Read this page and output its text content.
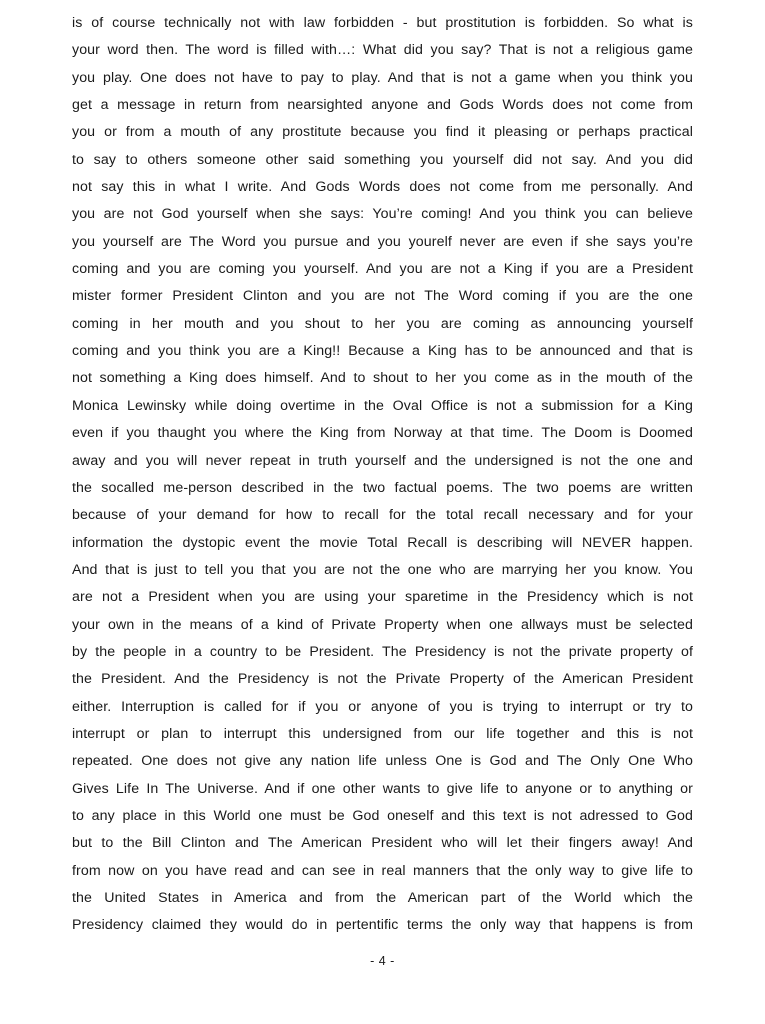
is of course technically not with law forbidden - but prostitution is forbidden. So what is
your word then. The word is filled with…: What did you say? That is not a religious game
you play. One does not have to pay to play. And that is not a game when you think you
get a message in return from nearsighted anyone and Gods Words does not come from
you or from a mouth of any prostitute because you find it pleasing or perhaps practical
to say to others someone other said something you yourself did not say. And you did
not say this in what I write. And Gods Words does not come from me personally. And
you are not God yourself when she says: You’re coming! And you think you can believe
you yourself are The Word you pursue and you yourelf never are even if she says you’re
coming and you are coming you yourself. And you are not a King if you are a President
mister former President Clinton and you are not The Word coming if you are the one
coming in her mouth and you shout to her you are coming as announcing yourself
coming and you think you are a King!! Because a King has to be announced and that is
not something a King does himself. And to shout to her you come as in the mouth of the
Monica Lewinsky while doing overtime in the Oval Office is not a submission for a King
even if you thaught you where the King from Norway at that time. The Doom is Doomed
away and you will never repeat in truth yourself and the undersigned is not the one and
the socalled me-person described in the two factual poems. The two poems are written
because of your demand for how to recall for the total recall necessary and for your
information the dystopic event the movie Total Recall is describing will NEVER happen.
And that is just to tell you that you are not the one who are marrying her you know. You
are not a President when you are using your sparetime in the Presidency which is not
your own in the means of a kind of Private Property when one allways must be selected
by the people in a country to be President. The Presidency is not the private property of
the President. And the Presidency is not the Private Property of the American President
either. Interruption is called for if you or anyone of you is trying to interrupt or try to
interrupt or plan to interrupt this undersigned from our life together and this is not
repeated. One does not give any nation life unless One is God and The Only One Who
Gives Life In The Universe. And if one other wants to give life to anyone or to anything or
to any place in this World one must be God oneself and this text is not adressed to God
but to the Bill Clinton and The American President who will let their fingers away! And
from now on you have read and can see in real manners that the only way to give life to
the United States in America and from the American part of the World which the
Presidency claimed they would do in pertentific terms the only way that happens is from
- 4 -
